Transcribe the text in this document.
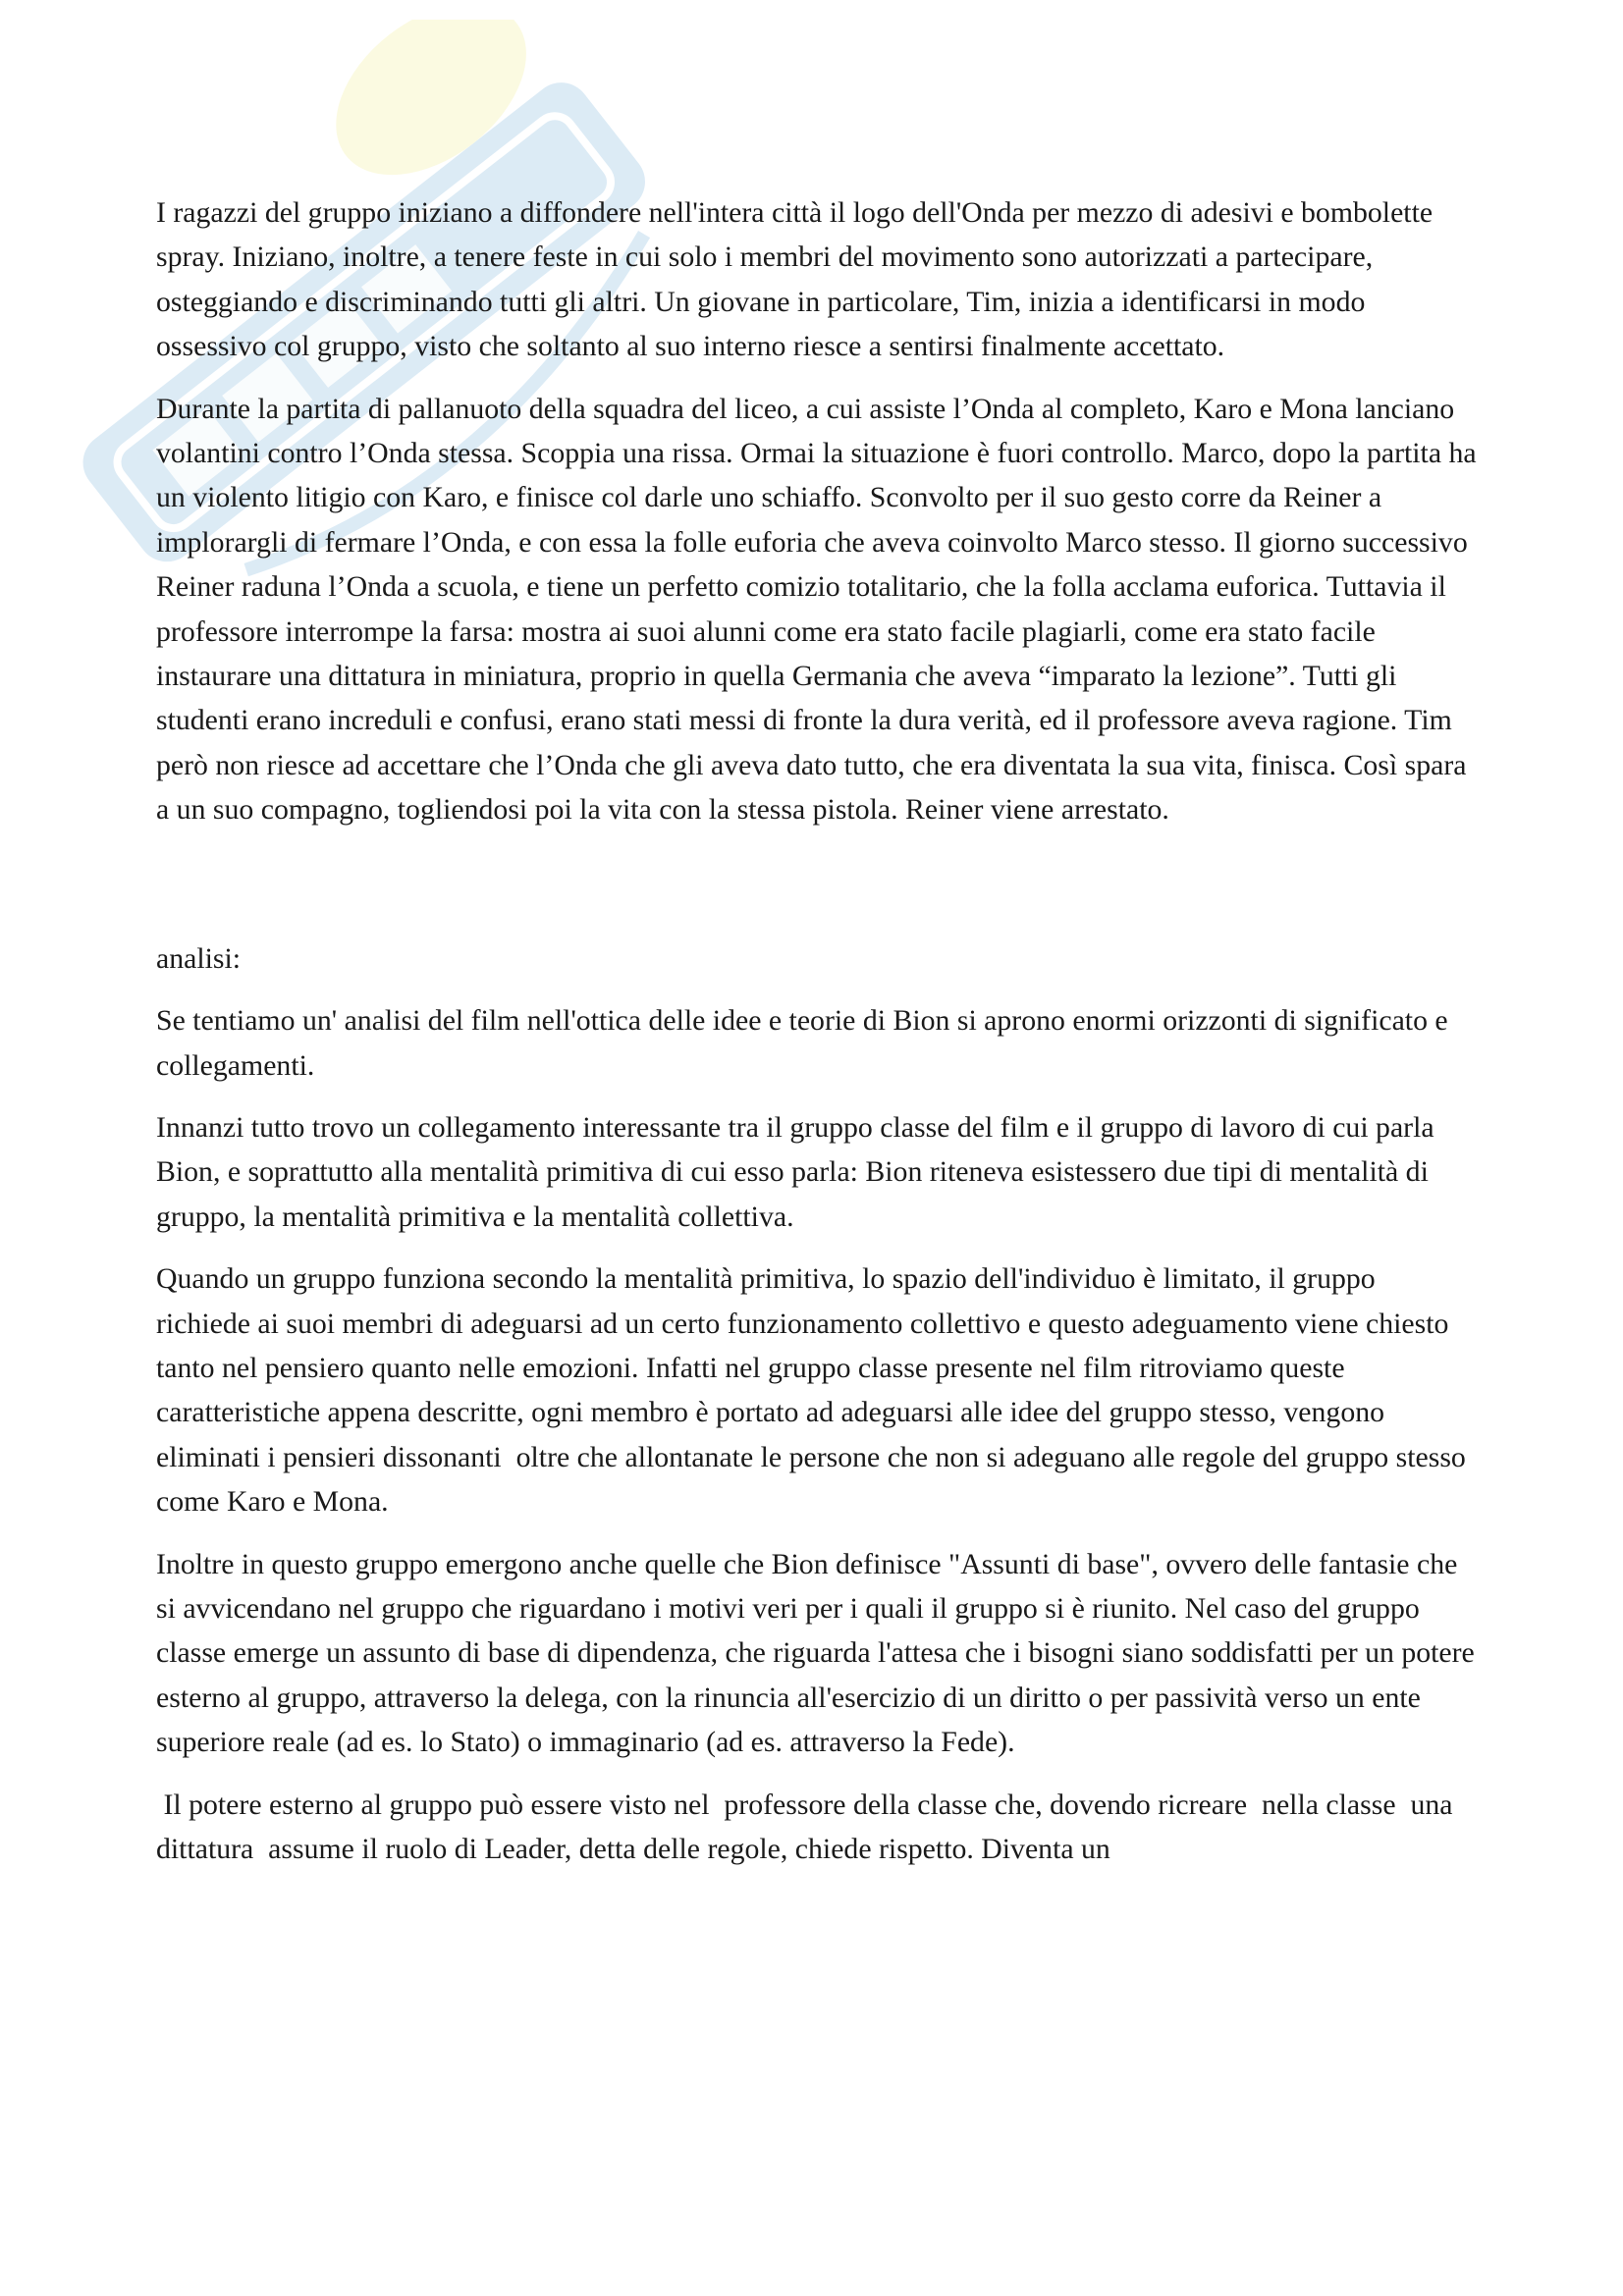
I ragazzi del gruppo iniziano a diffondere nell'intera città il logo dell'Onda per mezzo di adesivi e bombolette spray. Iniziano, inoltre, a tenere feste in cui solo i membri del movimento sono autorizzati a partecipare, osteggiando e discriminando tutti gli altri. Un giovane in particolare, Tim, inizia a identificarsi in modo ossessivo col gruppo, visto che soltanto al suo interno riesce a sentirsi finalmente accettato.

Durante la partita di pallanuoto della squadra del liceo, a cui assiste l’Onda al completo, Karo e Mona lanciano volantini contro l’Onda stessa. Scoppia una rissa. Ormai la situazione è fuori controllo. Marco, dopo la partita ha un violento litigio con Karo, e finisce col darle uno schiaffo. Sconvolto per il suo gesto corre da Reiner a implorargli di fermare l’Onda, e con essa la folle euforia che aveva coinvolto Marco stesso. Il giorno successivo Reiner raduna l’Onda a scuola, e tiene un perfetto comizio totalitario, che la folla acclama euforica. Tuttavia il professore interrompe la farsa: mostra ai suoi alunni come era stato facile plagiarli, come era stato facile instaurare una dittatura in miniatura, proprio in quella Germania che aveva “imparato la lezione”. Tutti gli studenti erano increduli e confusi, erano stati messi di fronte la dura verità, ed il professore aveva ragione. Tim però non riesce ad accettare che l’Onda che gli aveva dato tutto, che era diventata la sua vita, finisca. Così spara a un suo compagno, togliendosi poi la vita con la stessa pistola. Reiner viene arrestato.

analisi:

Se tentiamo un' analisi del film nell'ottica delle idee e teorie di Bion si aprono enormi orizzonti di significato e collegamenti.

Innanzi tutto trovo un collegamento interessante tra il gruppo classe del film e il gruppo di lavoro di cui parla Bion, e soprattutto alla mentalità primitiva di cui esso parla: Bion riteneva esistessero due tipi di mentalità di gruppo, la mentalità primitiva e la mentalità collettiva.

Quando un gruppo funziona secondo la mentalità primitiva, lo spazio dell'individuo è limitato, il gruppo richiede ai suoi membri di adeguarsi ad un certo funzionamento collettivo e questo adeguamento viene chiesto tanto nel pensiero quanto nelle emozioni. Infatti nel gruppo classe presente nel film ritroviamo queste caratteristiche appena descritte, ogni membro è portato ad adeguarsi alle idee del gruppo stesso, vengono eliminati i pensieri dissonanti  oltre che allontanate le persone che non si adeguano alle regole del gruppo stesso come Karo e Mona.

Inoltre in questo gruppo emergono anche quelle che Bion definisce "Assunti di base", ovvero delle fantasie che si avvicendano nel gruppo che riguardano i motivi veri per i quali il gruppo si è riunito. Nel caso del gruppo classe emerge un assunto di base di dipendenza, che riguarda l'attesa che i bisogni siano soddisfatti per un potere esterno al gruppo, attraverso la delega, con la rinuncia all'esercizio di un diritto o per passività verso un ente superiore reale (ad es. lo Stato) o immaginario (ad es. attraverso la Fede).

Il potere esterno al gruppo può essere visto nel  professore della classe che, dovendo ricreare  nella classe  una dittatura  assume il ruolo di Leader, detta delle regole, chiede rispetto. Diventa un
